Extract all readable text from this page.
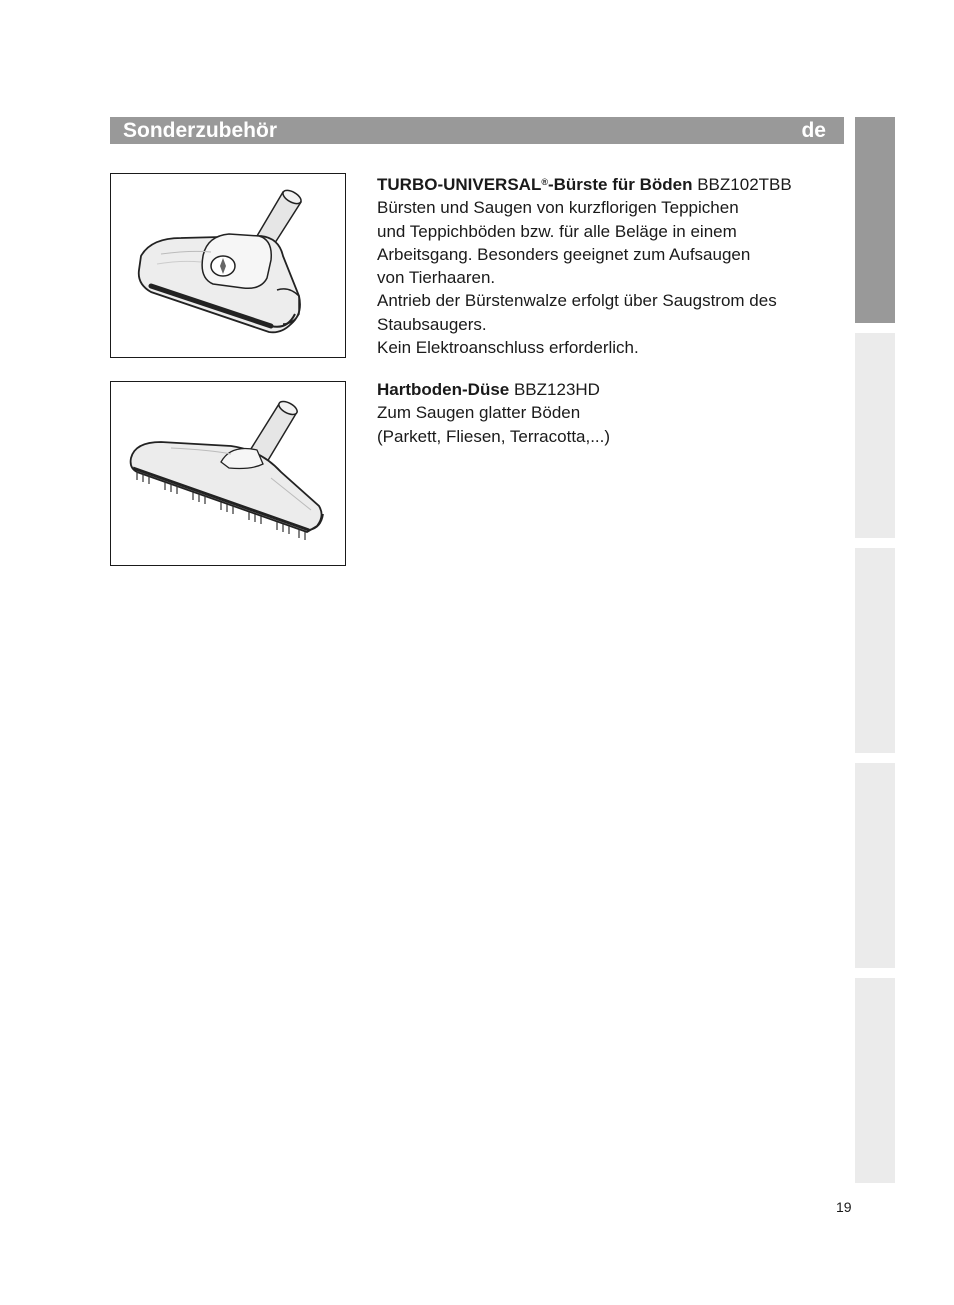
Sonderzubehör	de

TURBO-UNIVERSAL®-Bürste für Böden BBZ102TBB

Bürsten und Saugen von kurzflorigen Teppichen

und Teppichböden bzw. für alle Beläge in einem

Arbeitsgang. Besonders geeignet zum Aufsaugen

von Tierhaaren.

Antrieb der Bürstenwalze erfolgt über Saugstrom des

Staubsaugers.

Kein Elektroanschluss erforderlich.

Hartboden-Düse BBZ123HD

Zum Saugen glatter Böden

(Parkett, Fliesen, Terracotta,...)

19
